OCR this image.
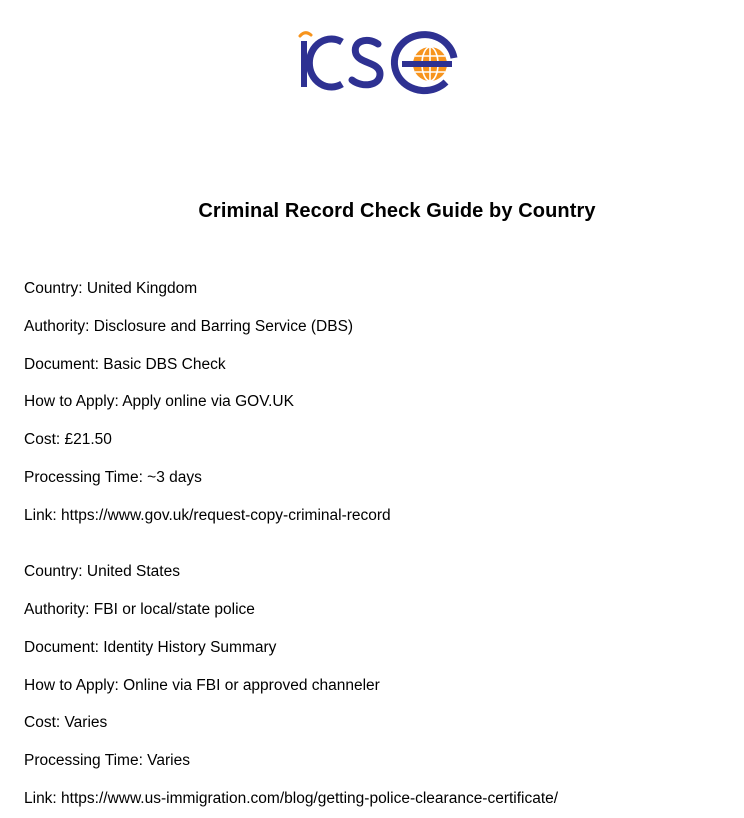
Criminal Record Check Guide by Country
Country: United Kingdom
Authority: Disclosure and Barring Service (DBS)
Document: Basic DBS Check
How to Apply: Apply online via GOV.UK
Cost: £21.50
Processing Time: ~3 days
Link: https://www.gov.uk/request-copy-criminal-record
Country: United States
Authority: FBI or local/state police
Document: Identity History Summary
How to Apply: Online via FBI or approved channeler
Cost: Varies
Processing Time: Varies
Link: https://www.us-immigration.com/blog/getting-police-clearance-certificate/
